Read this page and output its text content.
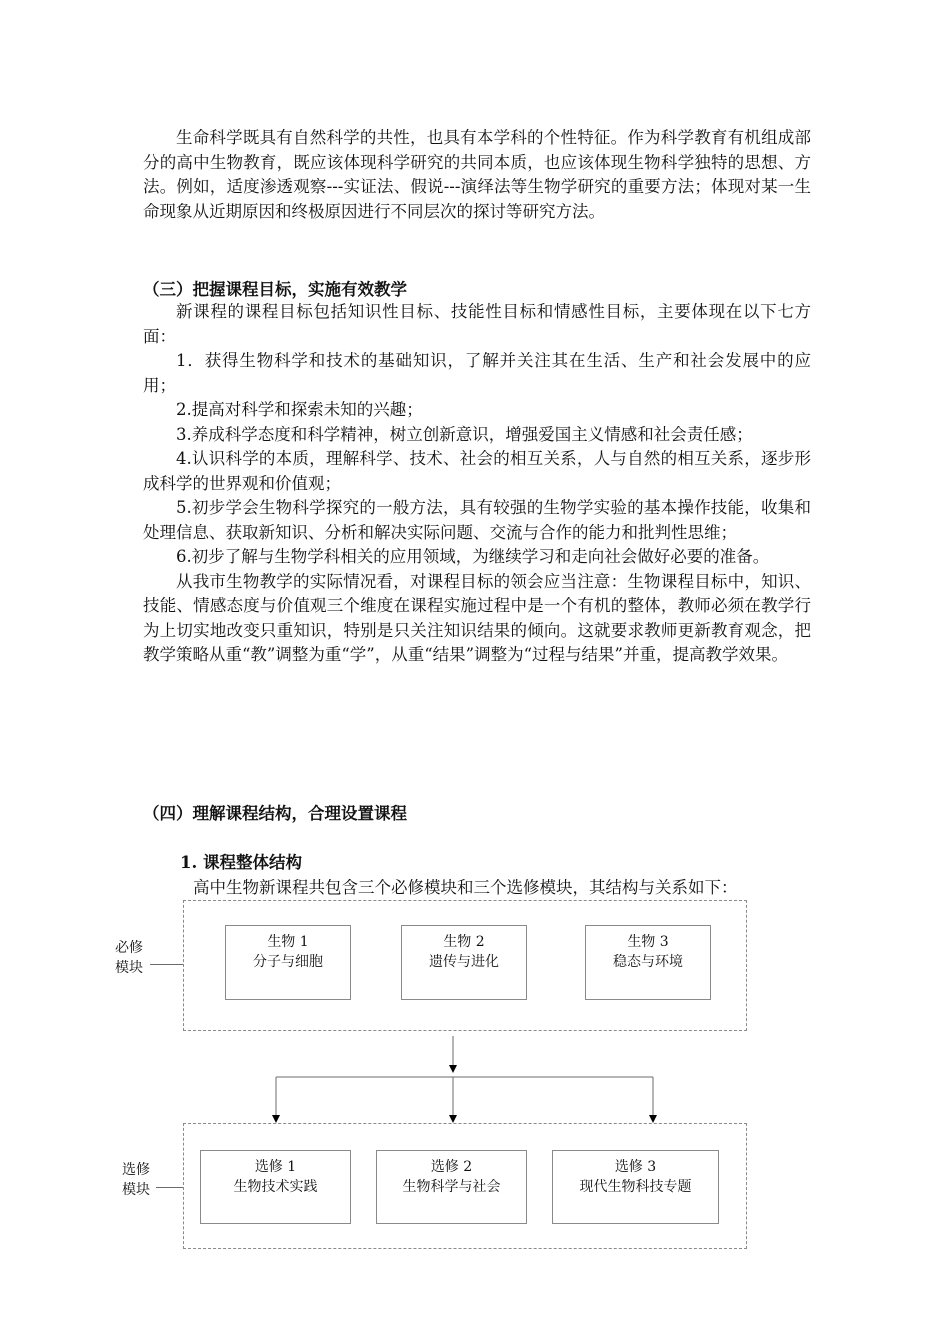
生命科学既具有自然科学的共性，也具有本学科的个性特征。作为科学教育有机组成部分的高中生物教育，既应该体现科学研究的共同本质，也应该体现生物科学独特的思想、方法。例如，适度渗透观察---实证法、假说---演绎法等生物学研究的重要方法；体现对某一生命现象从近期原因和终极原因进行不同层次的探讨等研究方法。

（三）把握课程目标，实施有效教学

新课程的课程目标包括知识性目标、技能性目标和情感性目标，主要体现在以下七方面：

1．获得生物科学和技术的基础知识，了解并关注其在生活、生产和社会发展中的应用；

2.提高对科学和探索未知的兴趣；

3.养成科学态度和科学精神，树立创新意识，增强爱国主义情感和社会责任感；

4.认识科学的本质，理解科学、技术、社会的相互关系，人与自然的相互关系，逐步形成科学的世界观和价值观；

5.初步学会生物科学探究的一般方法，具有较强的生物学实验的基本操作技能，收集和处理信息、获取新知识、分析和解决实际问题、交流与合作的能力和批判性思维；

6.初步了解与生物学科相关的应用领域，为继续学习和走向社会做好必要的准备。

从我市生物教学的实际情况看，对课程目标的领会应当注意：生物课程目标中，知识、技能、情感态度与价值观三个维度在课程实施过程中是一个有机的整体，教师必须在教学行为上切实地改变只重知识，特别是只关注知识结果的倾向。这就要求教师更新教育观念，把教学策略从重“教”调整为重“学”，从重“结果”调整为“过程与结果”并重，提高教学效果。

（四）理解课程结构，合理设置课程

1. 课程整体结构

高中生物新课程共包含三个必修模块和三个选修模块，其结构与关系如下：

必修
模块
生物 1
分子与细胞
生物 2
遗传与进化
生物 3
稳态与环境
选修
模块
选修 1
生物技术实践
选修 2
生物科学与社会
选修 3
现代生物科技专题
